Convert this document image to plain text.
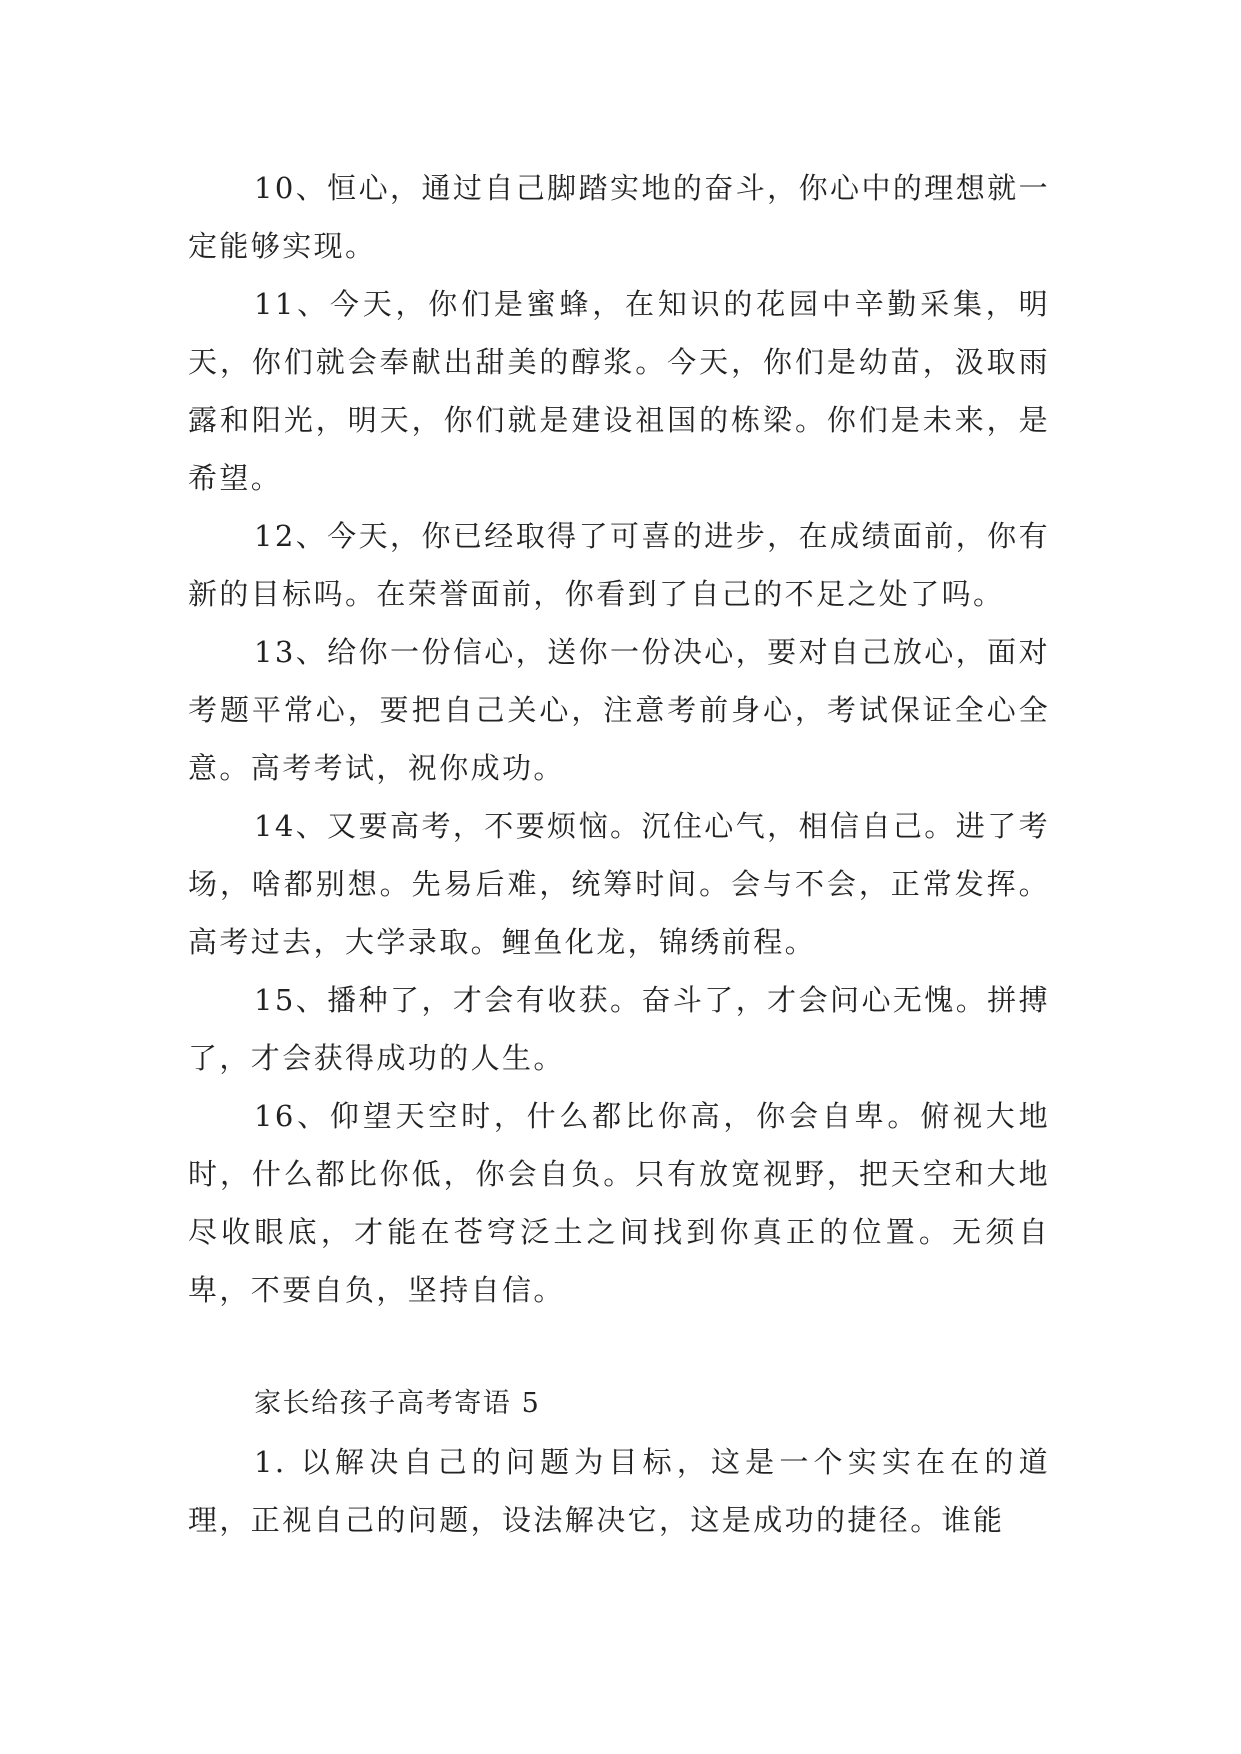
10、恒心，通过自己脚踏实地的奋斗，你心中的理想就一定能够实现。

11、今天，你们是蜜蜂，在知识的花园中辛勤采集，明天，你们就会奉献出甜美的醇浆。今天，你们是幼苗，汲取雨露和阳光，明天，你们就是建设祖国的栋梁。你们是未来，是希望。

12、今天，你已经取得了可喜的进步，在成绩面前，你有新的目标吗。在荣誉面前，你看到了自己的不足之处了吗。

13、给你一份信心，送你一份决心，要对自己放心，面对考题平常心，要把自己关心，注意考前身心，考试保证全心全意。高考考试，祝你成功。

14、又要高考，不要烦恼。沉住心气，相信自己。进了考场，啥都别想。先易后难，统筹时间。会与不会，正常发挥。高考过去，大学录取。鲤鱼化龙，锦绣前程。

15、播种了，才会有收获。奋斗了，才会问心无愧。拼搏了，才会获得成功的人生。

16、仰望天空时，什么都比你高，你会自卑。俯视大地时，什么都比你低，你会自负。只有放宽视野，把天空和大地尽收眼底，才能在苍穹泛土之间找到你真正的位置。无须自卑，不要自负，坚持自信。

家长给孩子高考寄语 5

1. 以解决自己的问题为目标，这是一个实实在在的道理，正视自己的问题，设法解决它，这是成功的捷径。谁能
